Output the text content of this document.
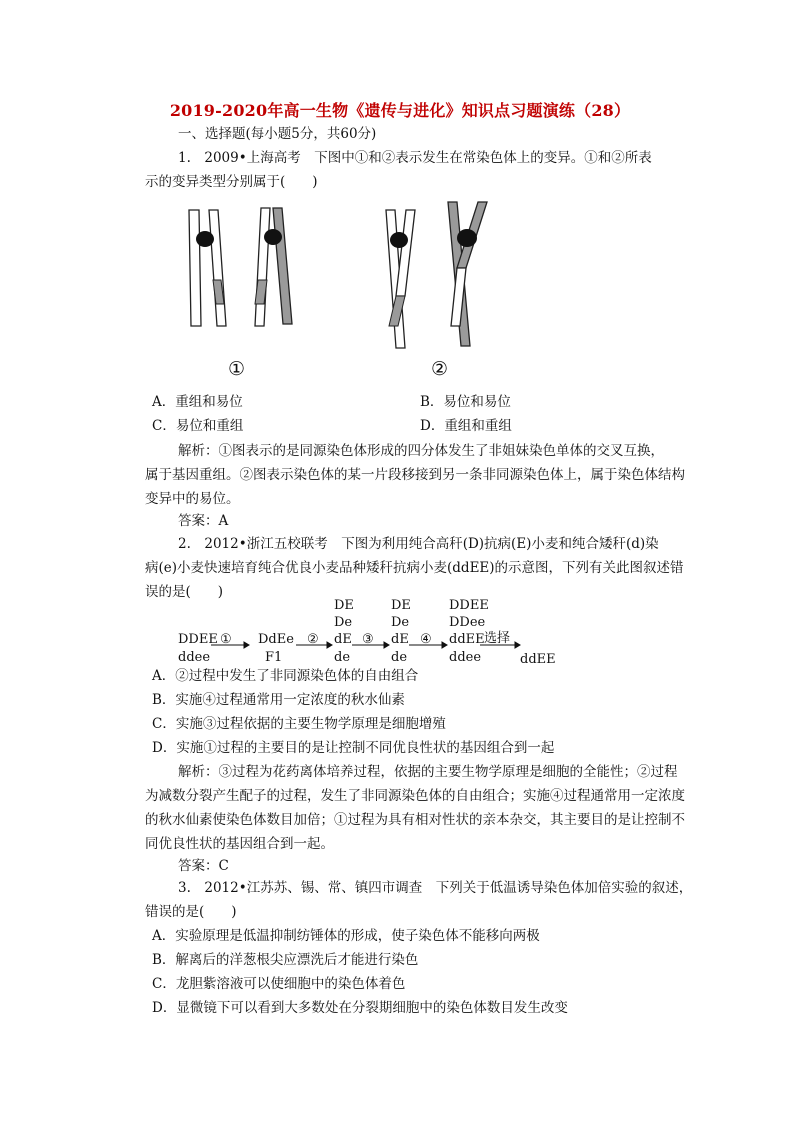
2019-2020年高一生物《遗传与进化》知识点习题演练（28）
一、选择题(每小题5分，共60分)
1.　2009•上海高考　下图中①和②表示发生在常染色体上的变异。①和②所表
示的变异类型分别属于(　　)
①	②
A．重组和易位	B．易位和易位
C．易位和重组	D．重组和重组
解析：①图表示的是同源染色体形成的四分体发生了非姐妹染色单体的交叉互换，
属于基因重组。②图表示染色体的某一片段移接到另一条非同源染色体上，属于染色体结构
变异中的易位。
答案：A
2.　2012•浙江五校联考　下图为利用纯合高秆(D)抗病(E)小麦和纯合矮秆(d)染
病(e)小麦快速培育纯合优良小麦品种矮秆抗病小麦(ddEE)的示意图，下列有关此图叙述错
误的是(　　)
DDEE
ddee
① DdEe
F1
②
DE
De
dE
de
③
DE
De
dE
de
④
DDEE
DDee
ddEE
ddee
选择
ddEE
A．②过程中发生了非同源染色体的自由组合
B．实施④过程通常用一定浓度的秋水仙素
C．实施③过程依据的主要生物学原理是细胞增殖
D．实施①过程的主要目的是让控制不同优良性状的基因组合到一起
解析：③过程为花药离体培养过程，依据的主要生物学原理是细胞的全能性；②过程
为减数分裂产生配子的过程，发生了非同源染色体的自由组合；实施④过程通常用一定浓度
的秋水仙素使染色体数目加倍；①过程为具有相对性状的亲本杂交，其主要目的是让控制不
同优良性状的基因组合到一起。
答案：C
3.　2012•江苏苏、锡、常、镇四市调查　下列关于低温诱导染色体加倍实验的叙述，
错误的是(　　)
A．实验原理是低温抑制纺锤体的形成，使子染色体不能移向两极
B．解离后的洋葱根尖应漂洗后才能进行染色
C．龙胆紫溶液可以使细胞中的染色体着色
D．显微镜下可以看到大多数处在分裂期细胞中的染色体数目发生改变
